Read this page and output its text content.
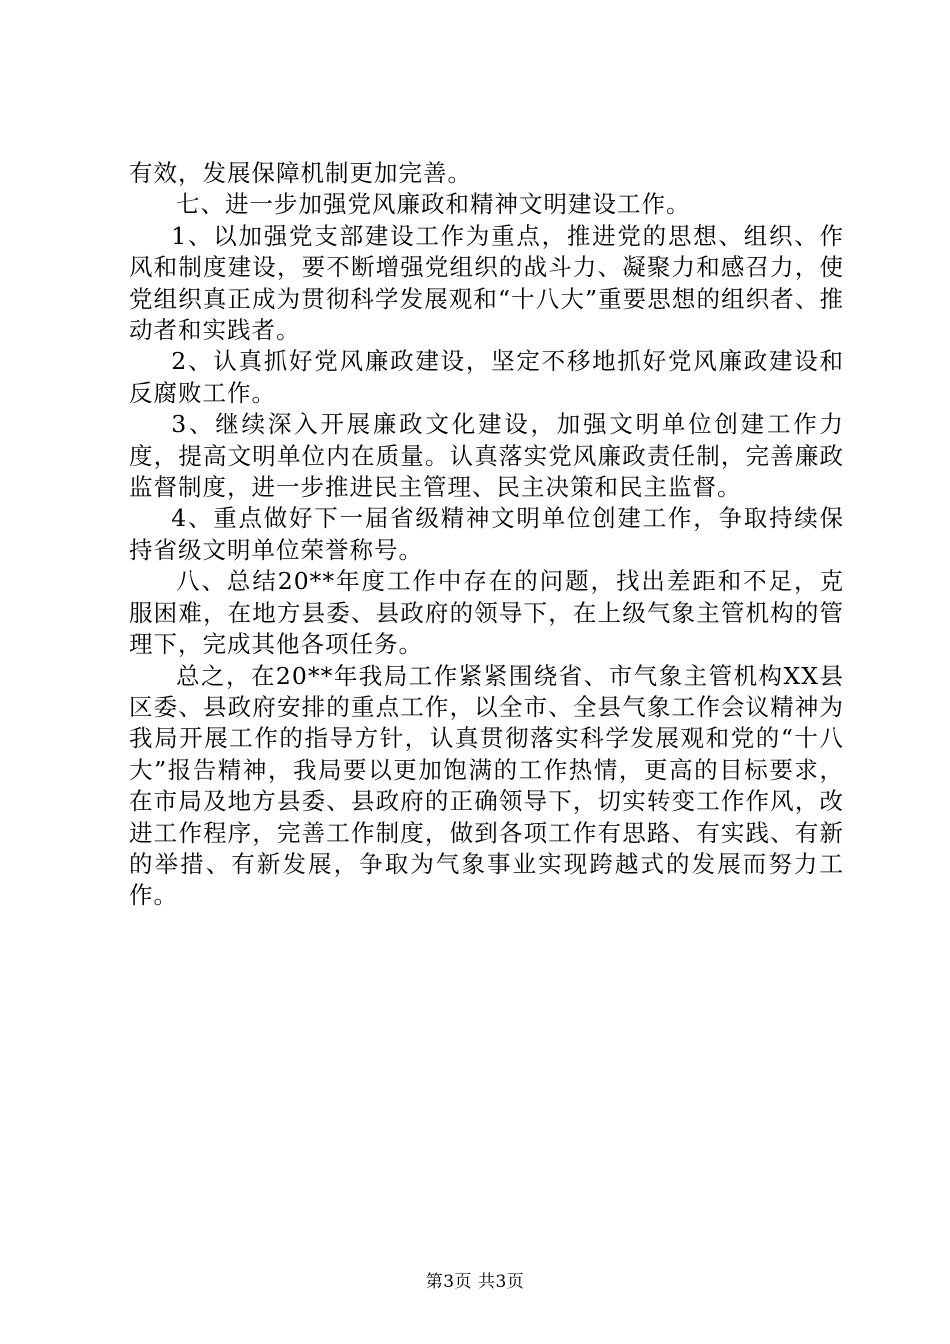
有效，发展保障机制更加完善。

七、进一步加强党风廉政和精神文明建设工作。

1、以加强党支部建设工作为重点，推进党的思想、组织、作风和制度建设，要不断增强党组织的战斗力、凝聚力和感召力，使党组织真正成为贯彻科学发展观和“十八大”重要思想的组织者、推动者和实践者。

2、认真抓好党风廉政建设，坚定不移地抓好党风廉政建设和反腐败工作。

3、继续深入开展廉政文化建设，加强文明单位创建工作力度，提高文明单位内在质量。认真落实党风廉政责任制，完善廉政监督制度，进一步推进民主管理、民主决策和民主监督。

4、重点做好下一届省级精神文明单位创建工作，争取持续保持省级文明单位荣誉称号。

八、总结20**年度工作中存在的问题，找出差距和不足，克服困难，在地方县委、县政府的领导下，在上级气象主管机构的管理下，完成其他各项任务。

总之，在20**年我局工作紧紧围绕省、市气象主管机构XX县区委、县政府安排的重点工作，以全市、全县气象工作会议精神为我局开展工作的指导方针，认真贯彻落实科学发展观和党的“十八大”报告精神，我局要以更加饱满的工作热情，更高的目标要求，在市局及地方县委、县政府的正确领导下，切实转变工作作风，改进工作程序，完善工作制度，做到各项工作有思路、有实践、有新的举措、有新发展，争取为气象事业实现跨越式的发展而努力工作。

第3页 共3页
